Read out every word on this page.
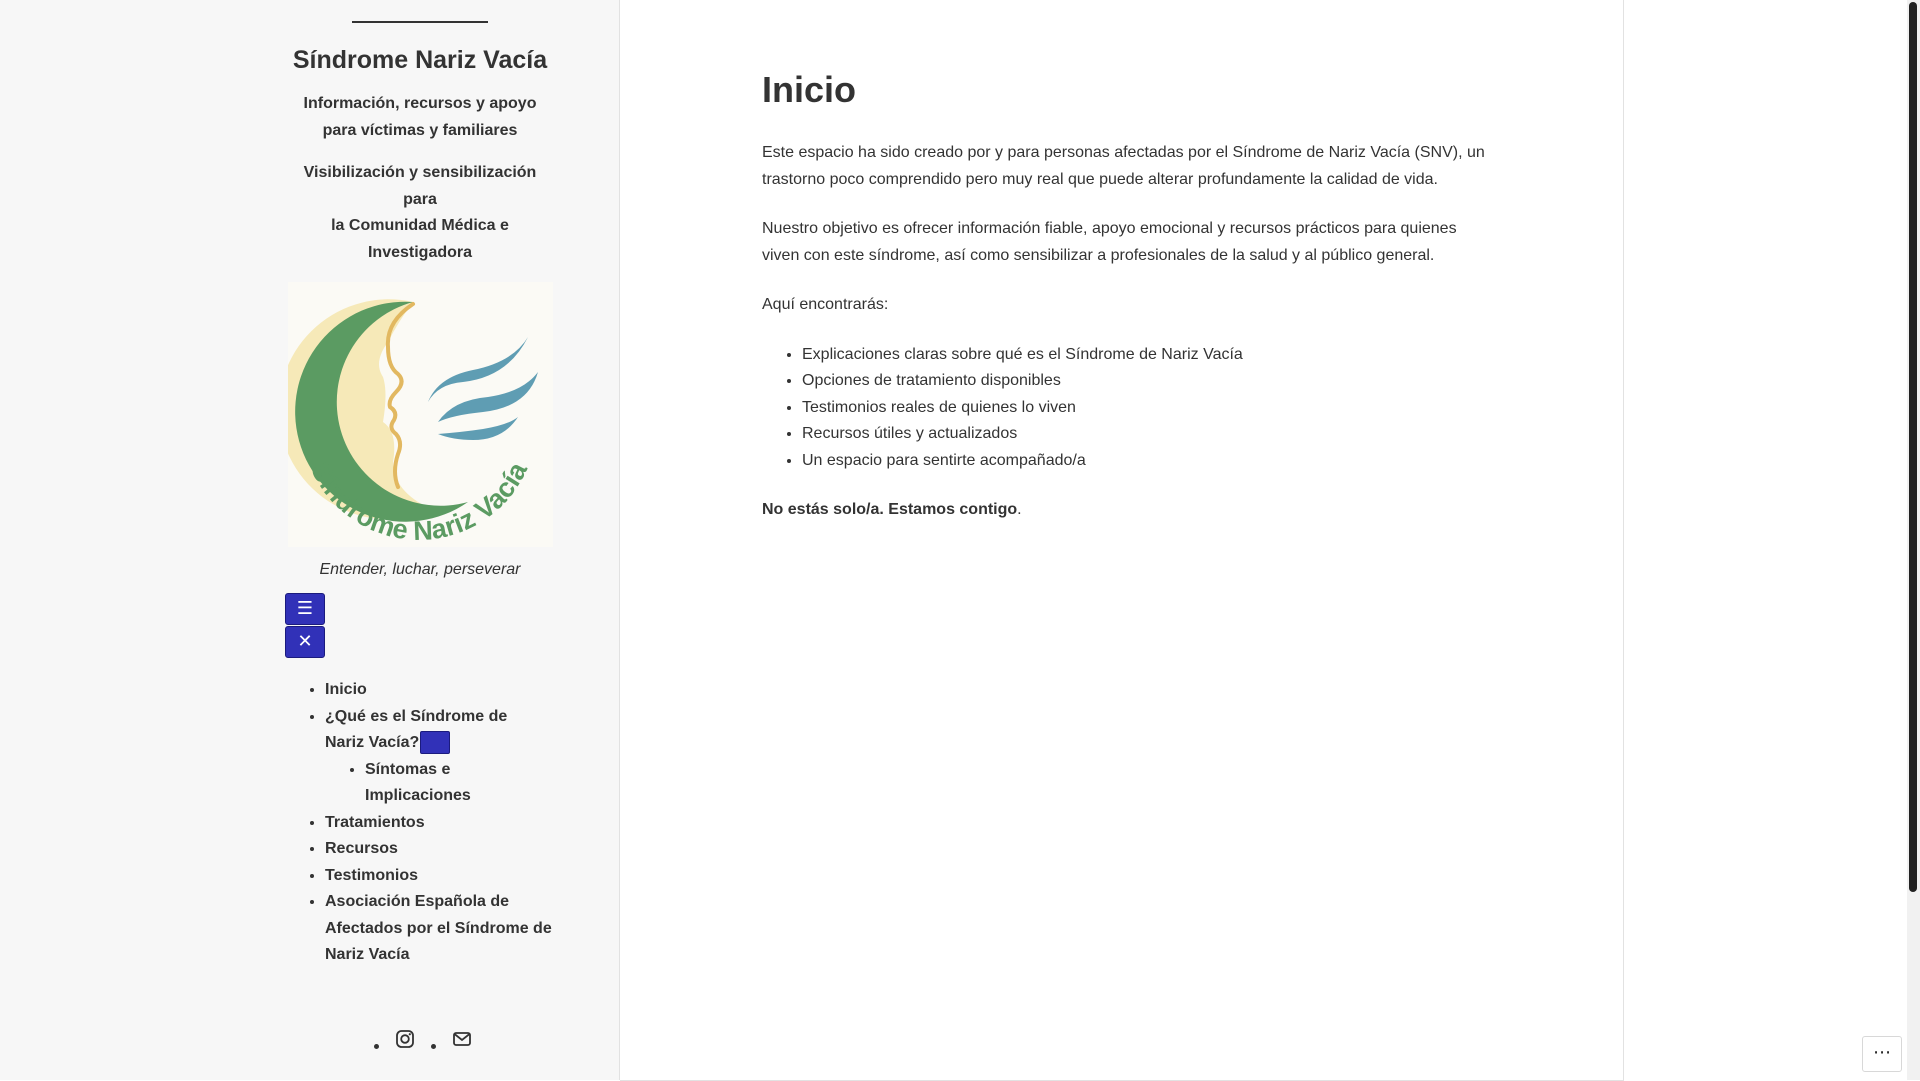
Síndrome Nariz Vacía
Información, recursos y apoyo
para víctimas y familiares
Visibilización y sensibilización para
la Comunidad Médica e
Investigadora
Síndrome Nariz Vacía
Entender, luchar, perseverar
☰
✕
• Inicio
• ¿Qué es el Síndrome de
Nariz Vacía?
• Síntomas e
Implicaciones
• Tratamientos
• Recursos
• Testimonios
• Asociación Española de
Afectados por el Síndrome de
Nariz Vacía
Inicio

Este espacio ha sido creado por y para personas afectadas por el Síndrome de Nariz Vacía (SNV), un
trastorno poco comprendido pero muy real que puede alterar profundamente la calidad de vida.

Nuestro objetivo es ofrecer información fiable, apoyo emocional y recursos prácticos para quienes
viven con este síndrome, así como sensibilizar a profesionales de la salud y al público general.

Aquí encontrarás:

• Explicaciones claras sobre qué es el Síndrome de Nariz Vacía
• Opciones de tratamiento disponibles
• Testimonios reales de quienes lo viven
• Recursos útiles y actualizados
• Un espacio para sentirte acompañado/a

No estás solo/a. Estamos contigo.

⋯
